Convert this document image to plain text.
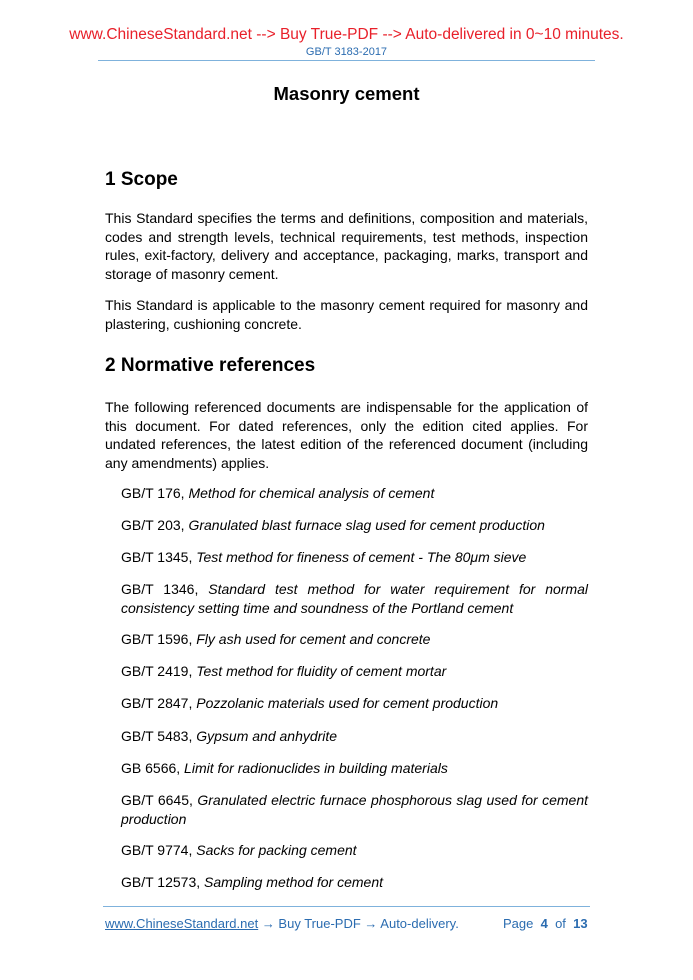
www.ChineseStandard.net --> Buy True-PDF --> Auto-delivered in 0~10 minutes.
GB/T 3183-2017
Masonry cement
1 Scope
This Standard specifies the terms and definitions, composition and materials, codes and strength levels, technical requirements, test methods, inspection rules, exit-factory, delivery and acceptance, packaging, marks, transport and storage of masonry cement.
This Standard is applicable to the masonry cement required for masonry and plastering, cushioning concrete.
2 Normative references
The following referenced documents are indispensable for the application of this document. For dated references, only the edition cited applies. For undated references, the latest edition of the referenced document (including any amendments) applies.
GB/T 176, Method for chemical analysis of cement
GB/T 203, Granulated blast furnace slag used for cement production
GB/T 1345, Test method for fineness of cement - The 80μm sieve
GB/T 1346, Standard test method for water requirement for normal consistency setting time and soundness of the Portland cement
GB/T 1596, Fly ash used for cement and concrete
GB/T 2419, Test method for fluidity of cement mortar
GB/T 2847, Pozzolanic materials used for cement production
GB/T 5483, Gypsum and anhydrite
GB 6566, Limit for radionuclides in building materials
GB/T 6645, Granulated electric furnace phosphorous slag used for cement production
GB/T 9774, Sacks for packing cement
GB/T 12573, Sampling method for cement
www.ChineseStandard.net → Buy True-PDF → Auto-delivery.	Page 4 of 13
